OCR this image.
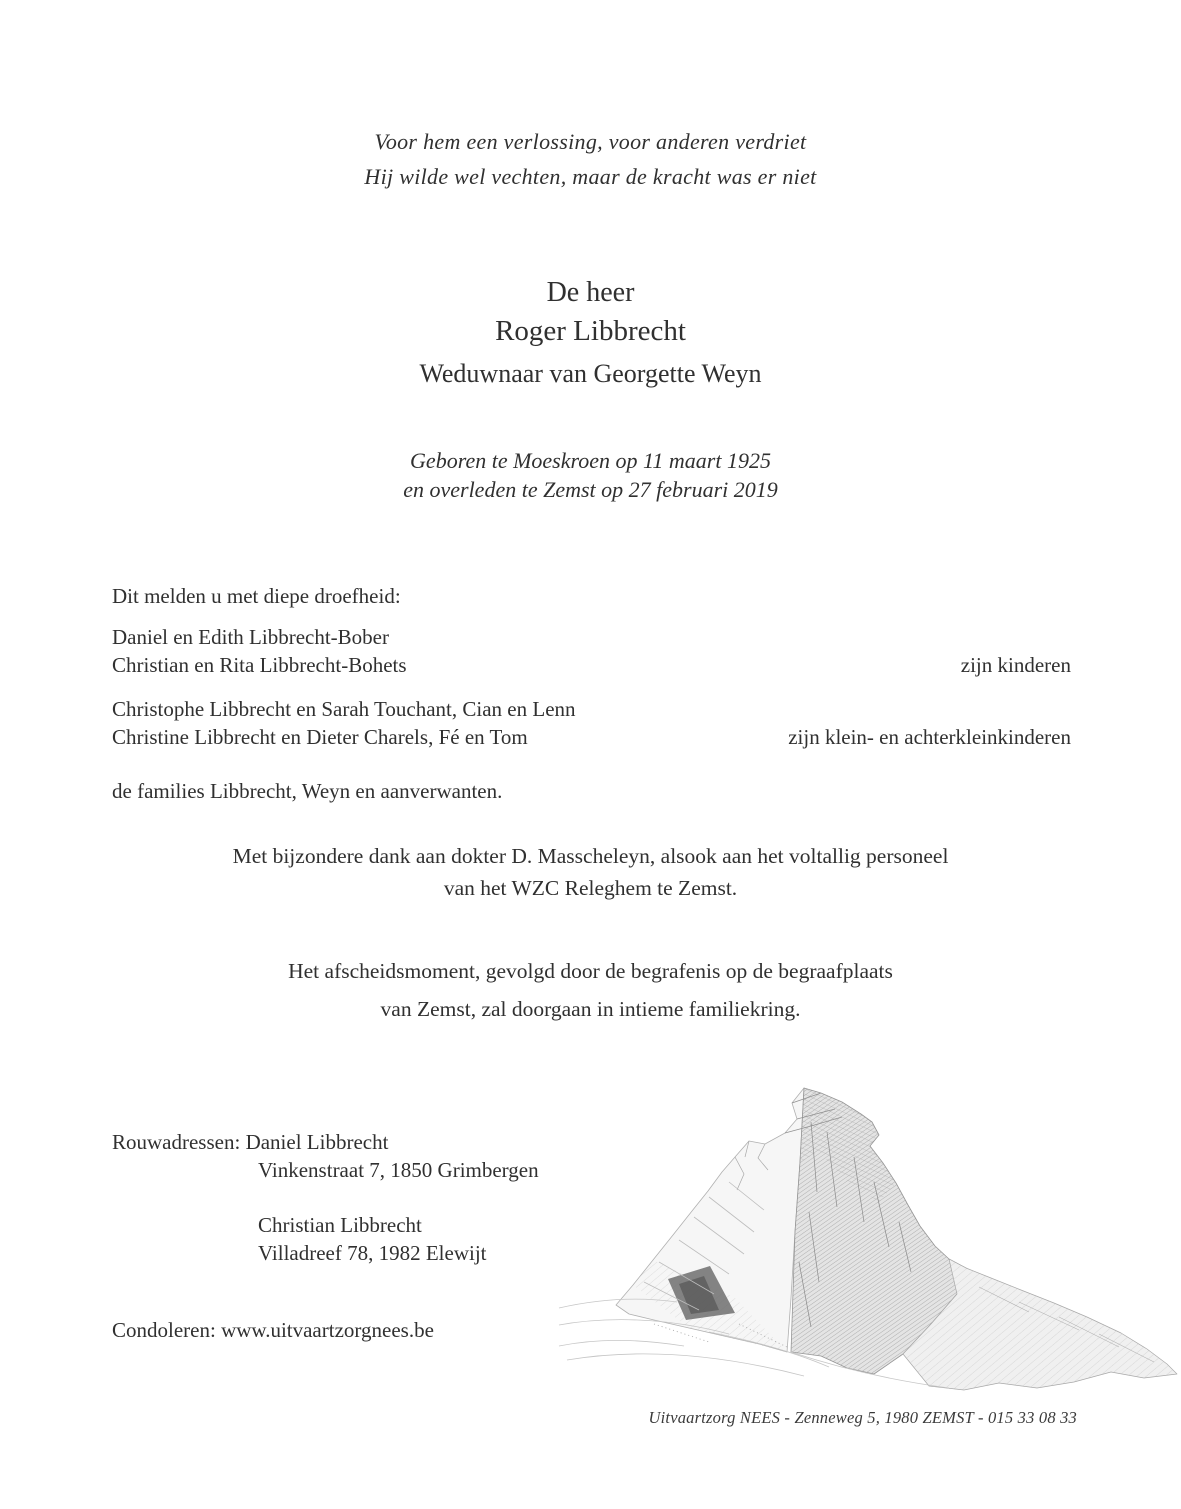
Voor hem een verlossing, voor anderen verdriet
Hij wilde wel vechten, maar de kracht was er niet
De heer
Roger Libbrecht
Weduwnaar van Georgette Weyn
Geboren te Moeskroen op 11 maart 1925
en overleden te Zemst op 27 februari 2019
Dit melden u met diepe droefheid:
Daniel en Edith Libbrecht-Bober
Christian en Rita Libbrecht-Bohets	zijn kinderen
Christophe Libbrecht en Sarah Touchant, Cian en Lenn
Christine Libbrecht en Dieter Charels, Fé en Tom	zijn klein- en achterkleinkinderen
de families Libbrecht, Weyn en aanverwanten.
Met bijzondere dank aan dokter D. Masscheleyn, alsook aan het voltallig personeel
van het WZC Releghem te Zemst.
Het afscheidsmoment, gevolgd door de begrafenis op de begraafplaats
van Zemst, zal doorgaan in intieme familiekring.
Rouwadressen: Daniel Libbrecht
Vinkenstraat 7, 1850 Grimbergen
Christian Libbrecht
Villadreef 78, 1982 Elewijt
Condoleren: www.uitvaartzorgnees.be
Uitvaartzorg NEES - Zenneweg 5, 1980 ZEMST - 015 33 08 33
